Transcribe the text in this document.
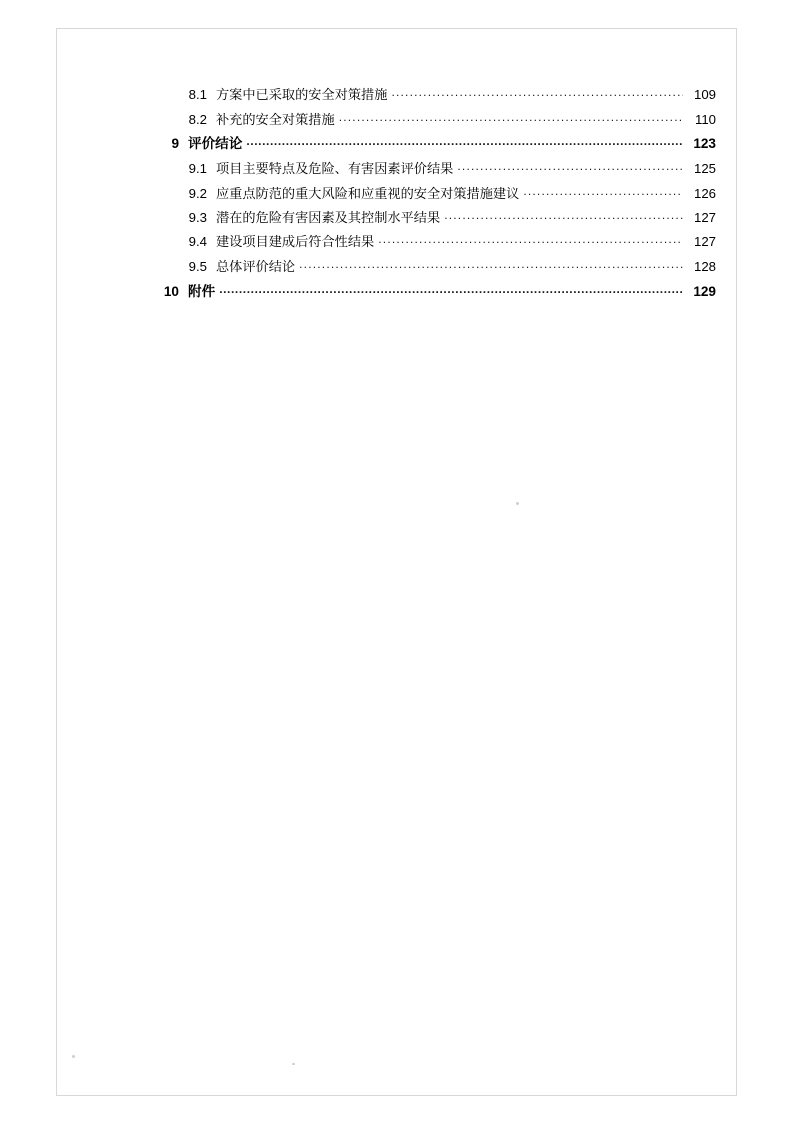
8.1 方案中已采取的安全对策措施 .....	109
8.2 补充的安全对策措施 .....	110
9 评价结论 .....	123
9.1 项目主要特点及危险、有害因素评价结果 .....	125
9.2 应重点防范的重大风险和应重视的安全对策措施建议 .....	126
9.3 潜在的危险有害因素及其控制水平结果 .....	127
9.4 建设项目建成后符合性结果 .....	127
9.5 总体评价结论 .....	128
10 附件 .....	129
